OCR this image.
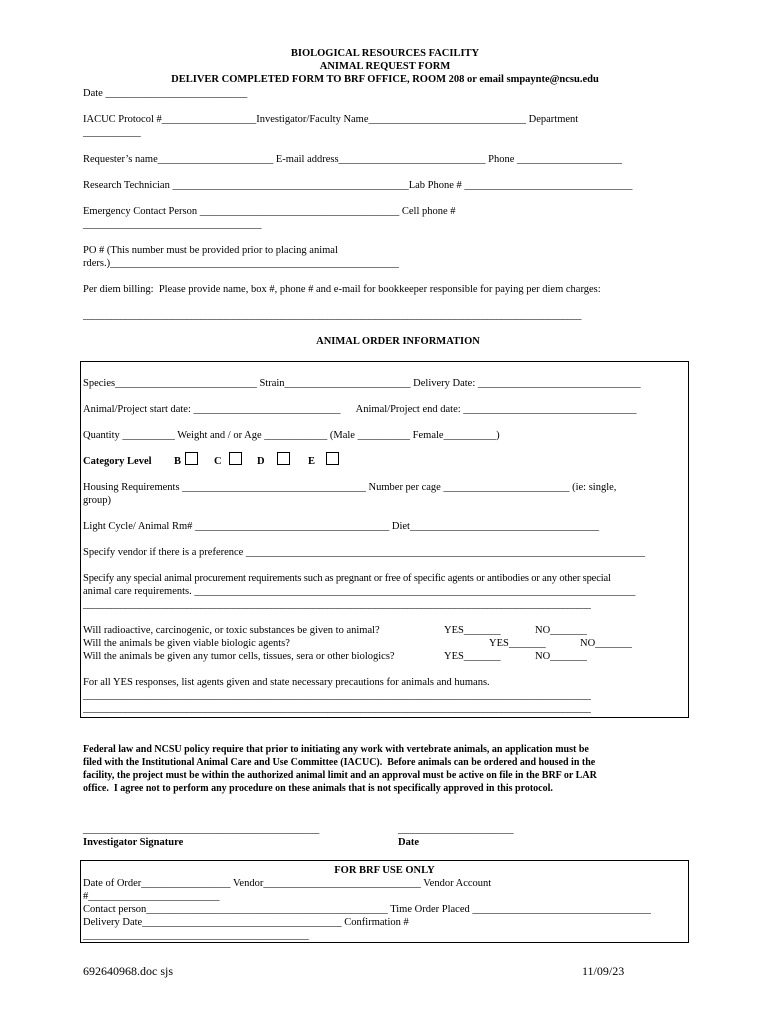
BIOLOGICAL RESOURCES FACILITY
ANIMAL REQUEST FORM
DELIVER COMPLETED FORM TO BRF OFFICE, ROOM 208 or email smpaynte@ncsu.edu
Date ___________________________
IACUC Protocol #__________________Investigator/Faculty Name______________________________ Department
___________
Requester’s name______________________ E-mail address____________________________ Phone ____________________
Research Technician _____________________________________________Lab Phone # ________________________________
Emergency Contact Person ______________________________________ Cell phone #
__________________________________
PO # (This number must be provided prior to placing animal
rders.)_______________________________________________________
Per diem billing:  Please provide name, box #, phone # and e-mail for bookkeeper responsible for paying per diem charges:
__________________________________________________________________________________________________________
ANIMAL ORDER INFORMATION
Species___________________________ Strain________________________ Delivery Date: _______________________________
Animal/Project start date: ____________________________      Animal/Project end date: _________________________________
Quantity __________ Weight and / or Age ____________ (Male __________ Female__________)
Category Level B	C	D	E
Housing Requirements ___________________________________ Number per cage ________________________ (ie: single,
group)
Light Cycle/ Animal Rm# _____________________________________ Diet____________________________________
Specify vendor if there is a preference ____________________________________________________________________________
Specify any special animal procurement requirements such as pregnant or free of specific agents or antibodies or any other special
animal care requirements. ____________________________________________________________________________________
____________________________________________________________________________________________________________
Will radioactive, carcinogenic, or toxic substances be given to animal?	YES_______	NO_______
Will the animals be given viable biologic agents?	YES_______	NO_______
Will the animals be given any tumor cells, tissues, sera or other biologics?	YES_______	NO_______
For all YES responses, list agents given and state necessary precautions for animals and humans.
____________________________________________________________________________________________________________
____________________________________________________________________________________________________________
Federal law and NCSU policy require that prior to initiating any work with vertebrate animals, an application must be
filed with the Institutional Animal Care and Use Committee (IACUC).  Before animals can be ordered and housed in the
facility, the project must be within the authorized animal limit and an approval must be active on file in the BRF or LAR
office.  I agree not to perform any procedure on these animals that is not specifically approved in this protocol.
_____________________________________________
Investigator Signature
______________________
Date
FOR BRF USE ONLY
Date of Order_________________ Vendor______________________________ Vendor Account
#_________________________
Contact person______________________________________________ Time Order Placed __________________________________
Delivery Date______________________________________ Confirmation #
___________________________________________
692640968.doc sjs	11/09/23
